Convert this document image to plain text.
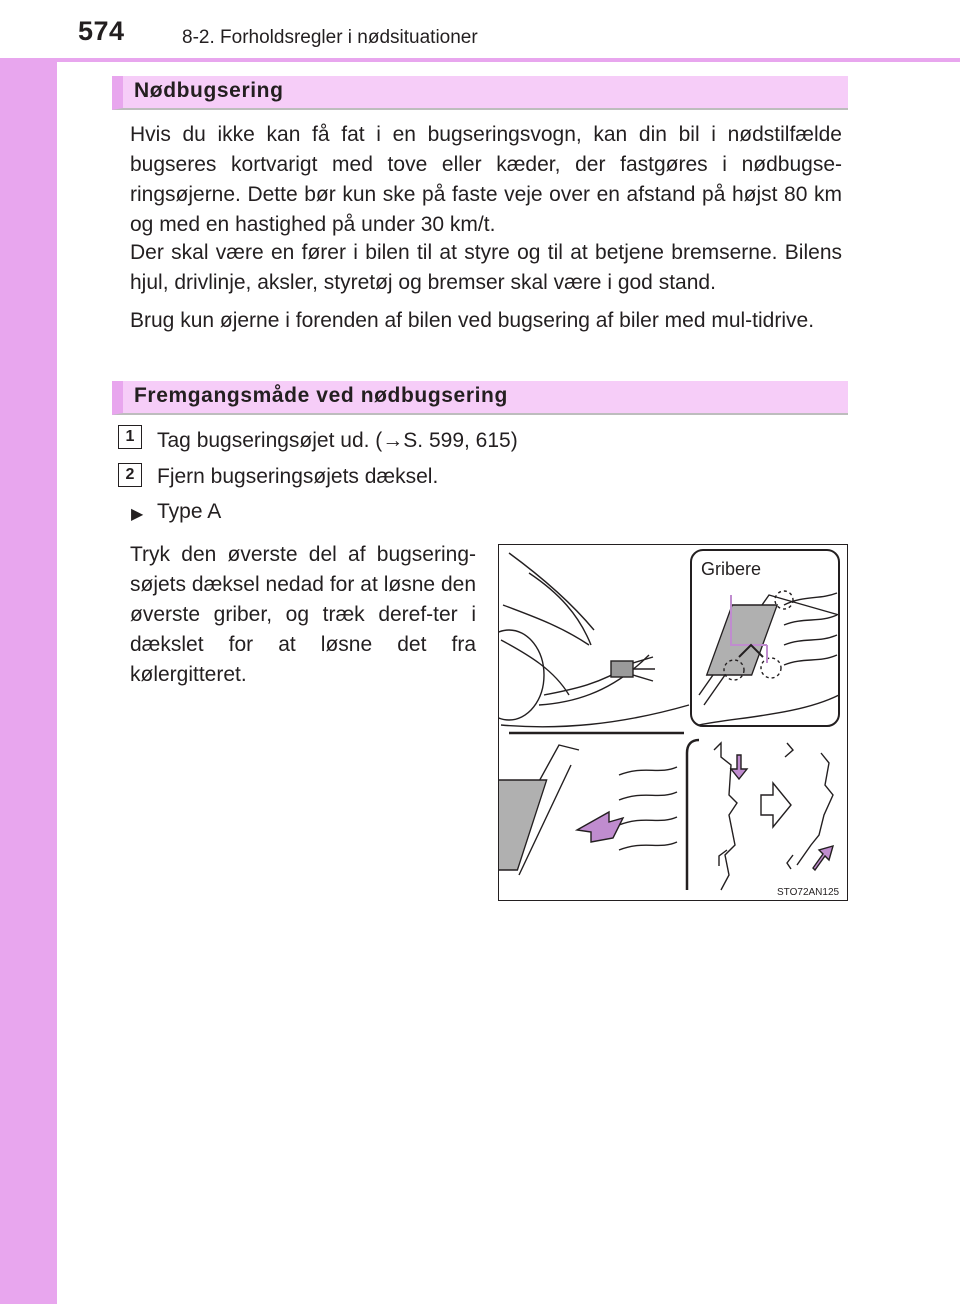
574	8-2. Forholdsregler i nødsituationer
Nødbugsering

Hvis du ikke kan få fat i en bugseringsvogn, kan din bil i nødstilfælde bugseres kortvarigt med tove eller kæder, der fastgøres i nødbugse-ringsøjerne. Dette bør kun ske på faste veje over en afstand på højst 80 km og med en hastighed på under 30 km/t.

Der skal være en fører i bilen til at styre og til at betjene bremserne. Bilens hjul, drivlinje, aksler, styretøj og bremser skal være i god stand.

Brug kun øjerne i forenden af bilen ved bugsering af biler med mul-tidrive.

Fremgangsmåde ved nødbugsering
1	Tag bugseringsøjet ud. (→S. 599, 615)
2	Fjern bugseringsøjets dæksel.
▶ Type A

Tryk den øverste del af bugsering-søjets dæksel nedad for at løsne den øverste griber, og træk deref-ter i dækslet for at løsne det fra kølergitteret.

Gribere
STO72AN125
